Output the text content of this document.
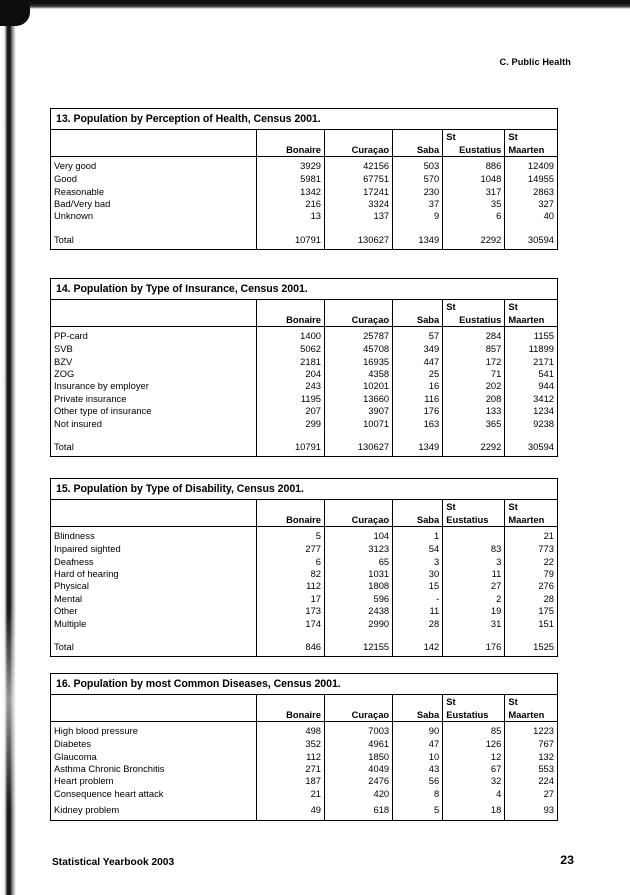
C. Public Health
13. Population by Perception of Health, Census 2001.
				St	St
	Bonaire	Curaçao	Saba	Eustatius	Maarten
Very good	3929	42156	503	886	12409
Good	5981	67751	570	1048	14955
Reasonable	1342	17241	230	317	2863
Bad/Very bad	216	3324	37	35	327
Unknown	13	137	9	6	40
Total	10791	130627	1349	2292	30594
14. Population by Type of Insurance, Census 2001.
				St	St
	Bonaire	Curaçao	Saba	Eustatius	Maarten
PP-card	1400	25787	57	284	1155
SVB	5062	45708	349	857	11899
BZV	2181	16935	447	172	2171
ZOG	204	4358	25	71	541
Insurance by employer	243	10201	16	202	944
Private insurance	1195	13660	116	208	3412
Other type of insurance	207	3907	176	133	1234
Not insured	299	10071	163	365	9238
Total	10791	130627	1349	2292	30594
15. Population by Type of Disability, Census 2001.
				St	St
	Bonaire	Curaçao	Saba	Eustatius	Maarten
Blindness	5	104	1		21
Inpaired sighted	277	3123	54	83	773
Deafness	6	65	3	3	22
Hard of hearing	82	1031	30	11	79
Physical	112	1808	15	27	276
Mental	17	596	-	2	28
Other	173	2438	11	19	175
Multiple	174	2990	28	31	151
Total	846	12155	142	176	1525
16. Population by most Common Diseases, Census 2001.
				St	St
	Bonaire	Curaçao	Saba	Eustatius	Maarten
High blood pressure	498	7003	90	85	1223
Diabetes	352	4961	47	126	767
Glaucoma	112	1850	10	12	132
Asthma Chronic Bronchitis	271	4049	43	67	553
Heart problem	187	2476	56	32	224
Consequence heart attack	21	420	8	4	27
Kidney problem	49	618	5	18	93
Statistical Yearbook 2003	23
